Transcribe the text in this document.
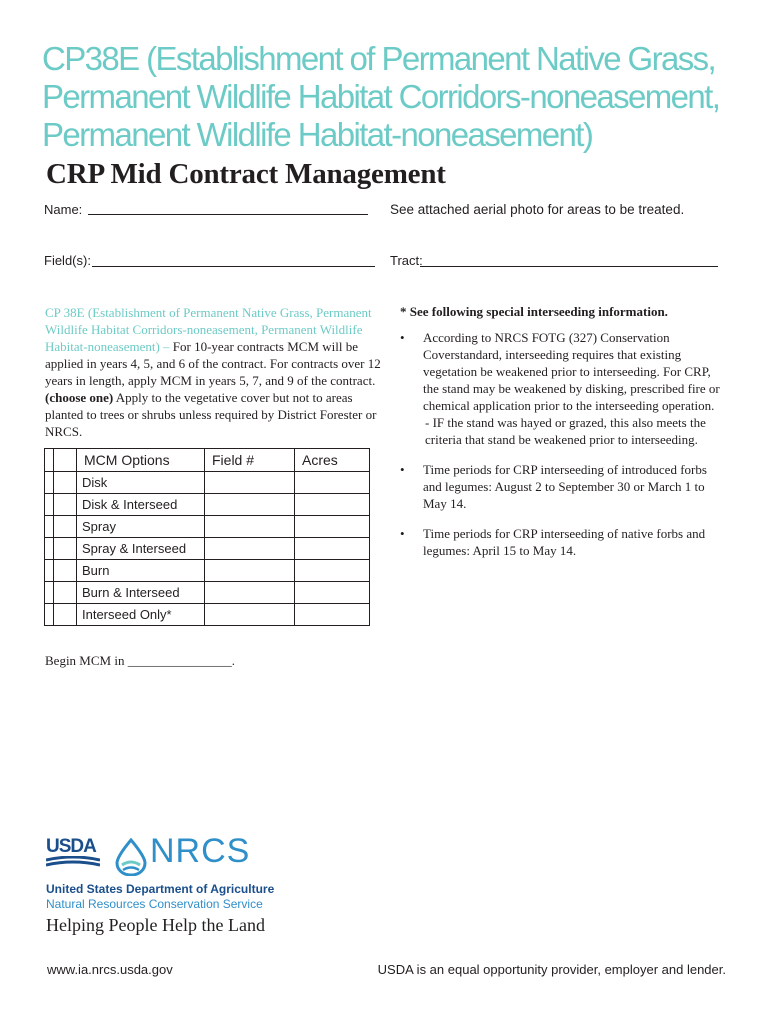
CP38E (Establishment of Permanent Native Grass,
Permanent Wildlife Habitat Corridors-noneasement,
Permanent Wildlife Habitat-noneasement)
CRP Mid Contract Management
Name:	See attached aerial photo for areas to be treated.
Field(s):	Tract:
CP 38E (Establishment of Permanent Native Grass, Permanent Wildlife Habitat Corridors-noneasement, Permanent Wildlife Habitat-noneasement) – For 10-year contracts MCM will be applied in years 4, 5, and 6 of the contract. For contracts over 12 years in length, apply MCM in years 5, 7, and 9 of the contract. (choose one) Apply to the vegetative cover but not to areas planted to trees or shrubs unless required by District Forester or NRCS.
		MCM Options	Field #	Acres
		Disk		
		Disk & Interseed		
		Spray		
		Spray & Interseed		
		Burn		
		Burn & Interseed		
		Interseed Only*		
Begin MCM in ________________.
* See following special interseeding information.
• According to NRCS FOTG (327) Conservation Coverstandard, interseeding requires that existing vegetation be weakened prior to interseeding. For CRP, the stand may be weakened by disking, prescribed fire or chemical application prior to the interseeding operation.
- IF the stand was hayed or grazed, this also meets the criteria that stand be weakened prior to interseeding.
• Time periods for CRP interseeding of introduced forbs and legumes: August 2 to September 30 or March 1 to May 14.
• Time periods for CRP interseeding of native forbs and legumes: April 15 to May 14.
USDA NRCS
United States Department of Agriculture
Natural Resources Conservation Service
Helping People Help the Land
www.ia.nrcs.usda.gov	USDA is an equal opportunity provider, employer and lender.
